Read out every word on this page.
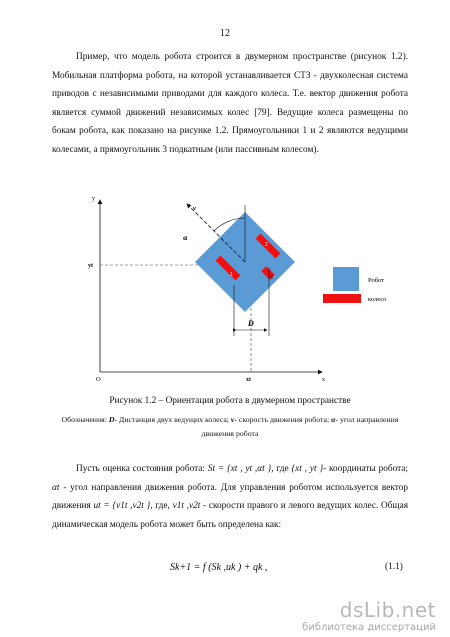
12
Пример, что модель робота строится в двумерном пространстве (рисунок 1.2). Мобильная платформа робота, на которой устанавливается СТЗ - двухколесная система приводов с независимыми приводами для каждого колеса. Т.е. вектор движения робота является суммой движений независимых колес [79]. Ведущие колеса размещены по бокам робота, как показано на рисунке 1.2. Прямоугольники 1 и 2 являются ведущими колесами, а прямоугольник 3 подкатным (или пассивным колесом).
y
x
O
yt
xt
α
v
D
1
2
3	Робот
колесо
Рисунок 1.2 – Ориентация робота в двумерном пространстве
Обозначения: D- Дистанция двух ведущих колеса; v- скорость движения робота; α- угол направления движения робота
Пусть оценка состояния робота: St = {xt , yt ,αt }, где {xt , yt }- координаты робота; αt - угол направления движения робота. Для управления роботом используется вектор движения ut = {v1t ,v2t }, где, v1t ,v2t - скорости правого и левого ведущих колес. Общая динамическая модель робота может быть определена как:
Sk+1 = f (Sk ,uk ) + qk ,	(1.1)
dsLib.net
библиотека диссертаций
